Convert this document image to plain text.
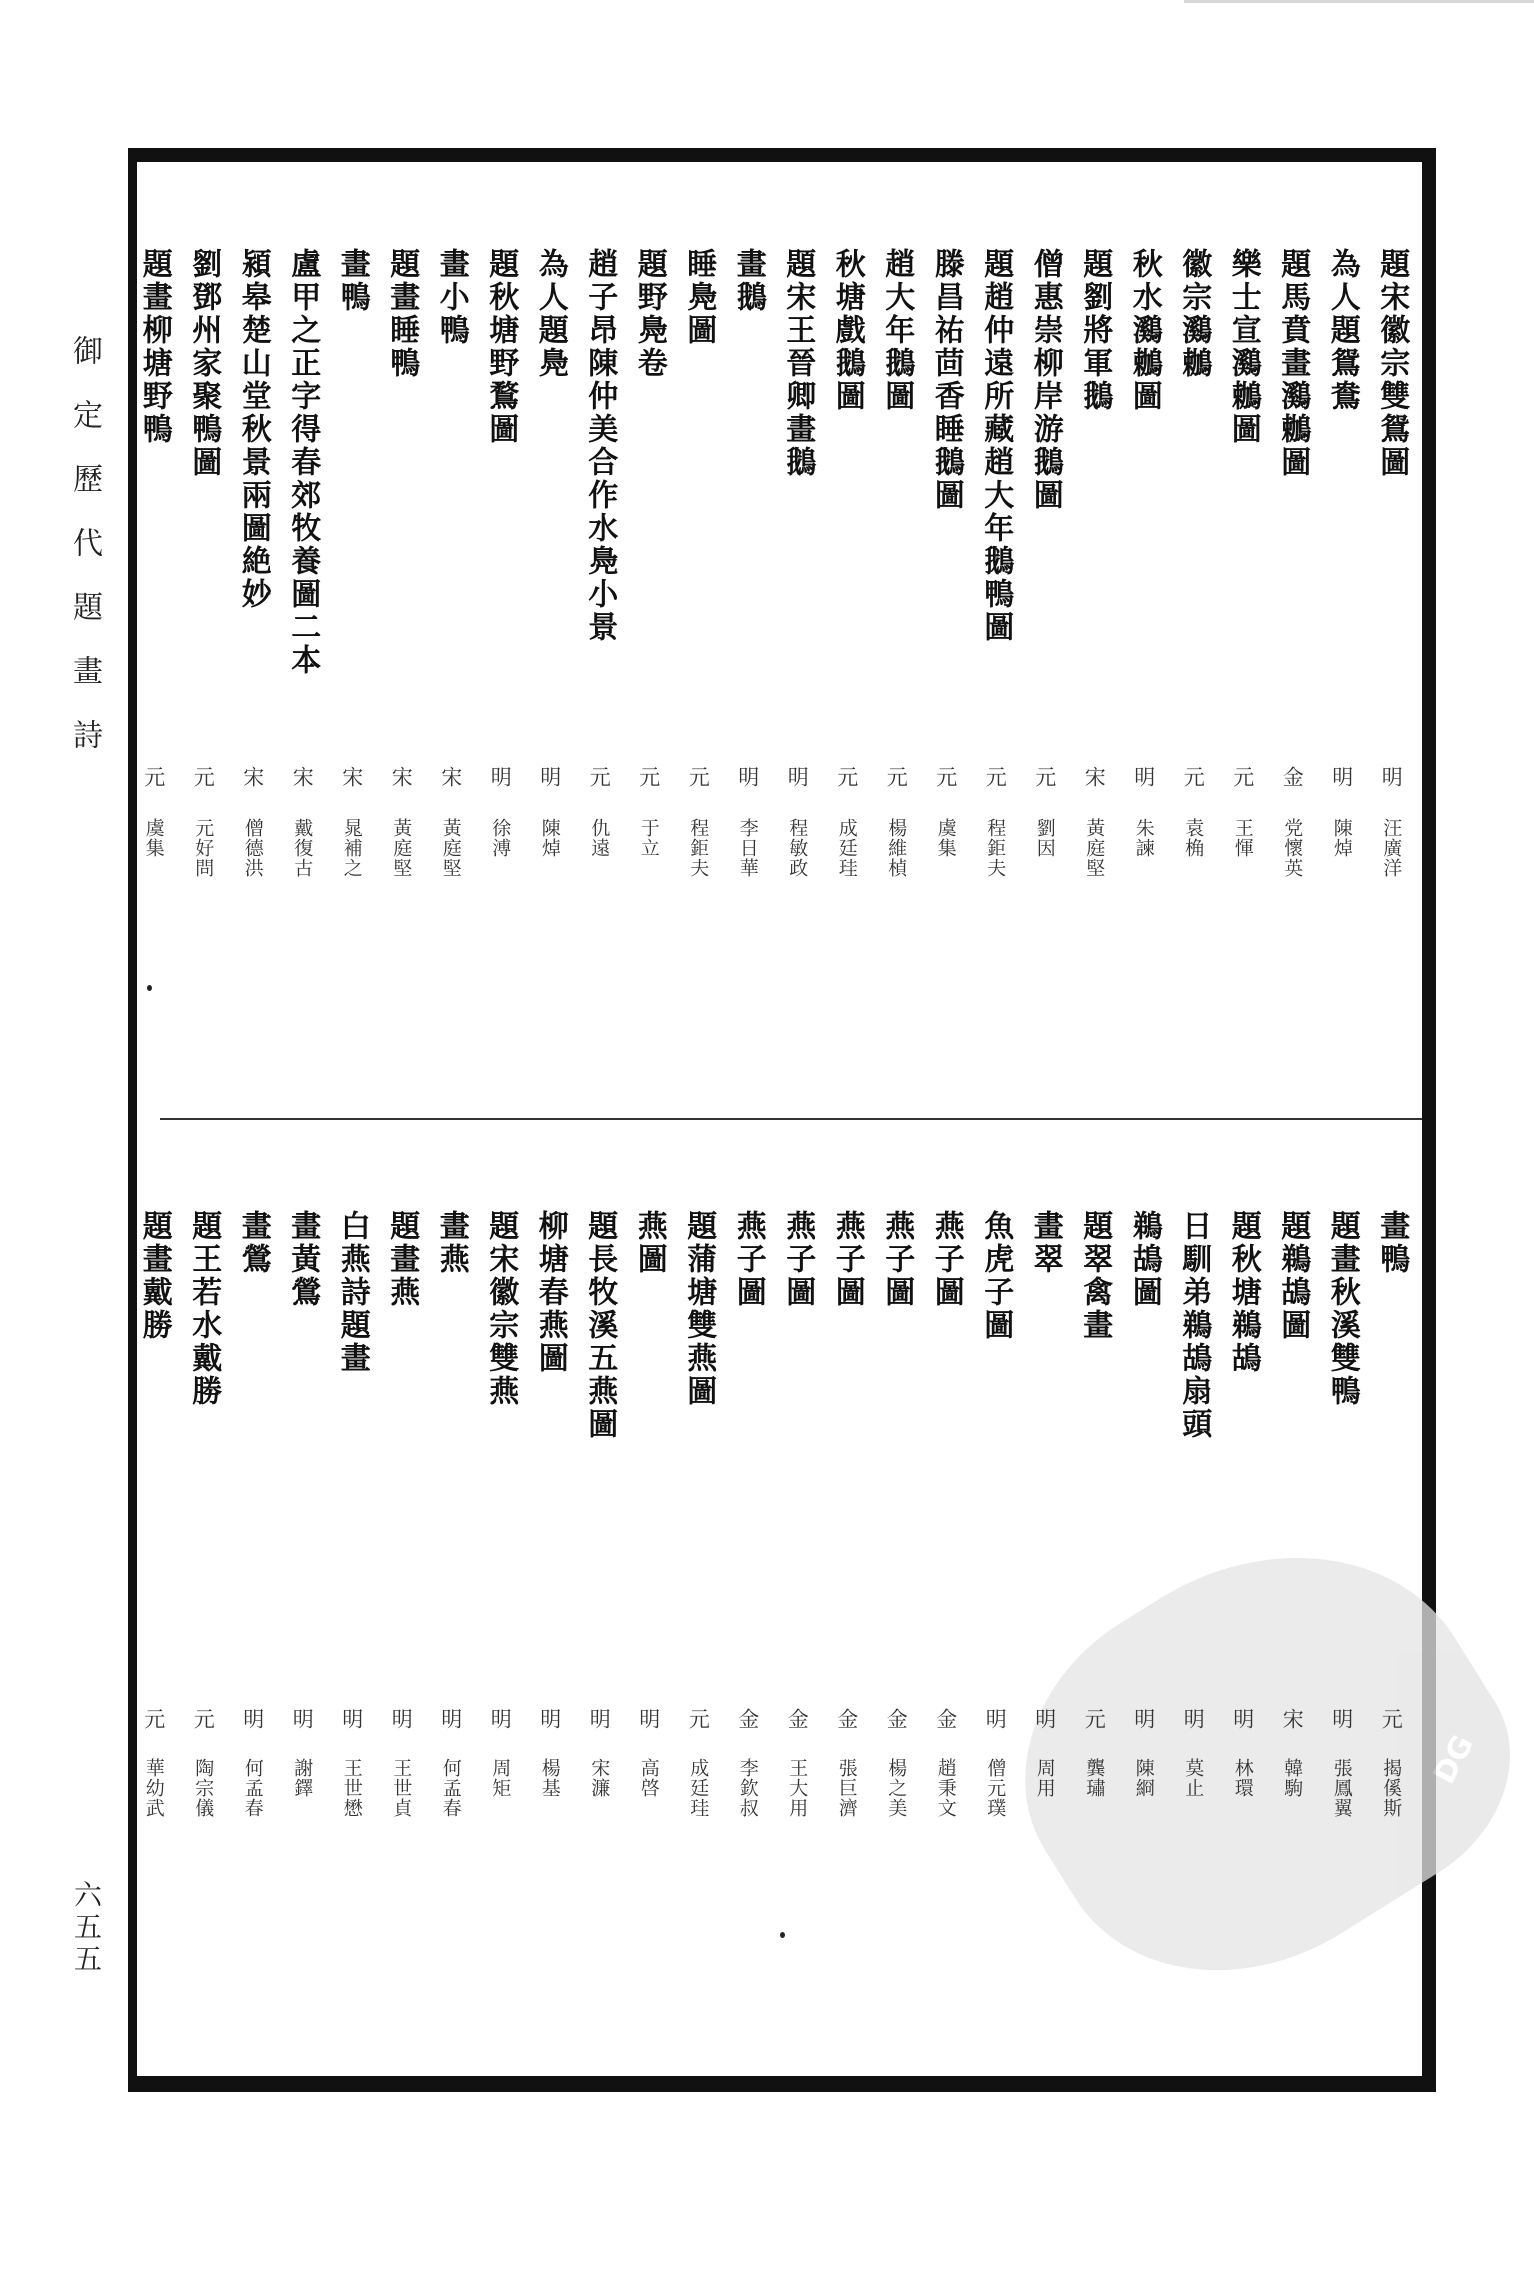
御定歷代題畫詩
六五五
DG
題宋徽宗雙鴛圖
明
汪廣洋
為人題鴛鴦
明
陳焯
題馬賁畫鸂鶒圖
金
党懷英
樂士宣鸂鶒圖
元
王惲
徽宗鸂鶒
元
袁桷
秋水鸂鶒圖
明
朱諫
題劉將軍鵝
宋
黃庭堅
僧惠崇柳岸游鵝圖
元
劉因
題趙仲遠所藏趙大年鵝鴨圖
元
程鉅夫
滕昌祐茴香睡鵝圖
元
虞集
趙大年鵝圖
元
楊維楨
秋塘戲鵝圖
元
成廷珪
題宋王晉卿畫鵝
明
程敏政
畫鵝
明
李日華
睡鳧圖
元
程鉅夫
題野鳧卷
元
于立
趙子昂陳仲美合作水鳧小景
元
仇遠
為人題鳧
明
陳焯
題秋塘野鶩圖
明
徐溥
畫小鴨
宋
黃庭堅
題畫睡鴨
宋
黃庭堅
畫鴨
宋
晁補之
盧甲之正字得春郊牧養圖二本
宋
戴復古
潁皋楚山堂秋景兩圖絶妙
宋
僧德洪
劉鄧州家聚鴨圖
元
元好問
題畫柳塘野鴨
元
虞集
畫鴨
元
揭傒斯
題畫秋溪雙鴨
明
張鳳翼
題鵜鴣圖
宋
韓駒
題秋塘鵜鴣
明
林環
日馴弟鵜鴣扇頭
明
莫止
鵜鴣圖
明
陳綗
題翠禽畫
元
龔璛
畫翠
明
周用
魚虎子圖
明
僧元璞
燕子圖
金
趙秉文
燕子圖
金
楊之美
燕子圖
金
張巨濟
燕子圖
金
王大用
燕子圖
金
李欽叔
題蒲塘雙燕圖
元
成廷珪
燕圖
明
高啓
題長牧溪五燕圖
明
宋濂
柳塘春燕圖
明
楊基
題宋徽宗雙燕
明
周矩
畫燕
明
何孟春
題畫燕
明
王世貞
白燕詩題畫
明
王世懋
畫黃鶯
明
謝鐸
畫鶯
明
何孟春
題王若水戴勝
元
陶宗儀
題畫戴勝
元
華幼武
